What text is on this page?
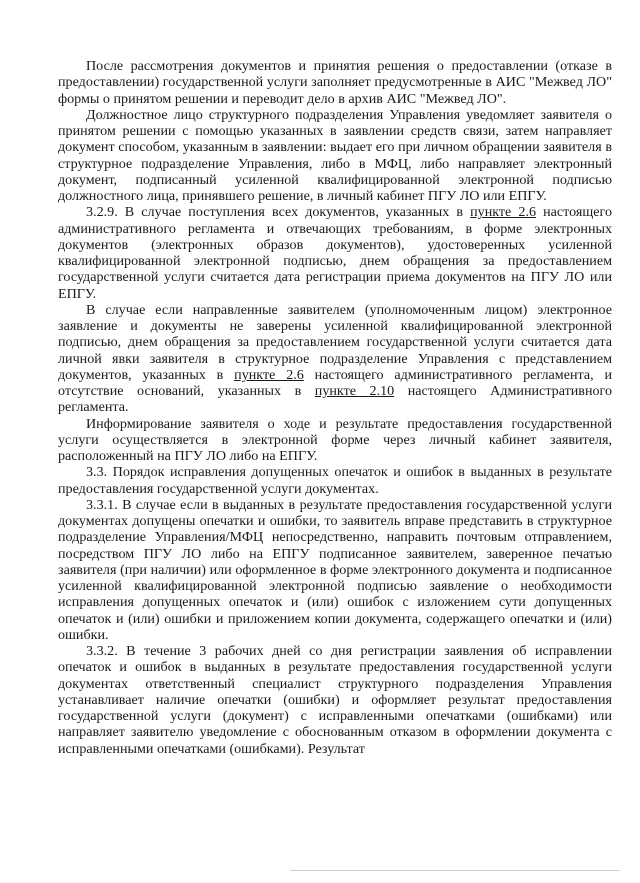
После рассмотрения документов и принятия решения о предоставлении (отказе в предоставлении) государственной услуги заполняет предусмотренные в АИС "Межвед ЛО" формы о принятом решении и переводит дело в архив АИС "Межвед ЛО".

Должностное лицо структурного подразделения Управления уведомляет заявителя о принятом решении с помощью указанных в заявлении средств связи, затем направляет документ способом, указанным в заявлении: выдает его при личном обращении заявителя в структурное подразделение Управления, либо в МФЦ, либо направляет электронный документ, подписанный усиленной квалифицированной электронной подписью должностного лица, принявшего решение, в личный кабинет ПГУ ЛО или ЕПГУ.

3.2.9. В случае поступления всех документов, указанных в пункте 2.6 настоящего административного регламента и отвечающих требованиям, в форме электронных документов (электронных образов документов), удостоверенных усиленной квалифицированной электронной подписью, днем обращения за предоставлением государственной услуги считается дата регистрации приема документов на ПГУ ЛО или ЕПГУ.

В случае если направленные заявителем (уполномоченным лицом) электронное заявление и документы не заверены усиленной квалифицированной электронной подписью, днем обращения за предоставлением государственной услуги считается дата личной явки заявителя в структурное подразделение Управления с представлением документов, указанных в пункте 2.6 настоящего административного регламента, и отсутствие оснований, указанных в пункте 2.10 настоящего Административного регламента.

Информирование заявителя о ходе и результате предоставления государственной услуги осуществляется в электронной форме через личный кабинет заявителя, расположенный на ПГУ ЛО либо на ЕПГУ.

3.3. Порядок исправления допущенных опечаток и ошибок в выданных в результате предоставления государственной услуги документах.

3.3.1. В случае если в выданных в результате предоставления государственной услуги документах допущены опечатки и ошибки, то заявитель вправе представить в структурное подразделение Управления/МФЦ непосредственно, направить почтовым отправлением, посредством ПГУ ЛО либо на ЕПГУ подписанное заявителем, заверенное печатью заявителя (при наличии) или оформленное в форме электронного документа и подписанное усиленной квалифицированной электронной подписью заявление о необходимости исправления допущенных опечаток и (или) ошибок с изложением сути допущенных опечаток и (или) ошибки и приложением копии документа, содержащего опечатки и (или) ошибки.

3.3.2. В течение 3 рабочих дней со дня регистрации заявления об исправлении опечаток и ошибок в выданных в результате предоставления государственной услуги документах ответственный специалист структурного подразделения Управления устанавливает наличие опечатки (ошибки) и оформляет результат предоставления государственной услуги (документ) с исправленными опечатками (ошибками) или направляет заявителю уведомление с обоснованным отказом в оформлении документа с исправленными опечатками (ошибками). Результат
